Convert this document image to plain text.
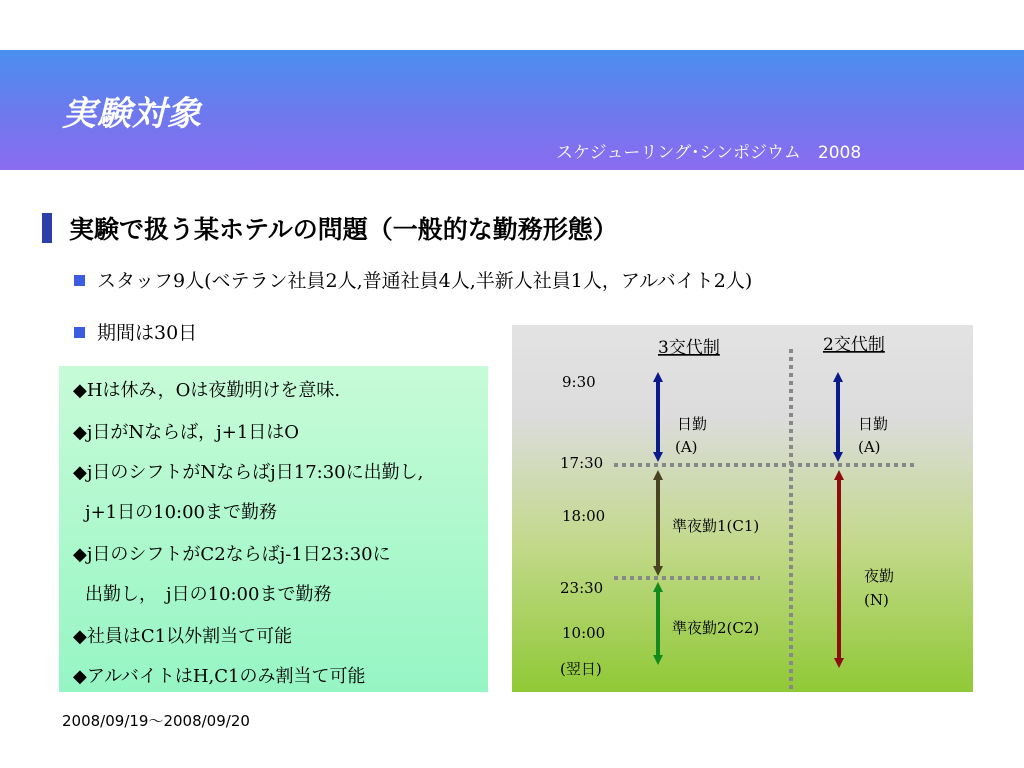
実験対象
スケジューリング･シンポジウム　2008
実験で扱う某ホテルの問題（一般的な勤務形態）
スタッフ9人(ベテラン社員2人,普通社員4人,半新人社員1人，アルバイト2人)
期間は30日
◆Hは休み，Oは夜勤明けを意味.
◆j日がNならば，j+1日はO
◆j日のシフトがNならばj日17:30に出勤し,
j+1日の10:00まで勤務
◆j日のシフトがC2ならばj-1日23:30に
出勤し，　j日の10:00まで勤務
◆社員はC1以外割当て可能
◆アルバイトはH,C1のみ割当て可能
3交代制	2交代制
9:30
17:30
18:00
23:30
10:00
(翌日)
日勤
(A)
準夜勤1(C1)
準夜勤2(C2)
日勤
(A)
夜勤
(N)
2008/09/19～2008/09/20
